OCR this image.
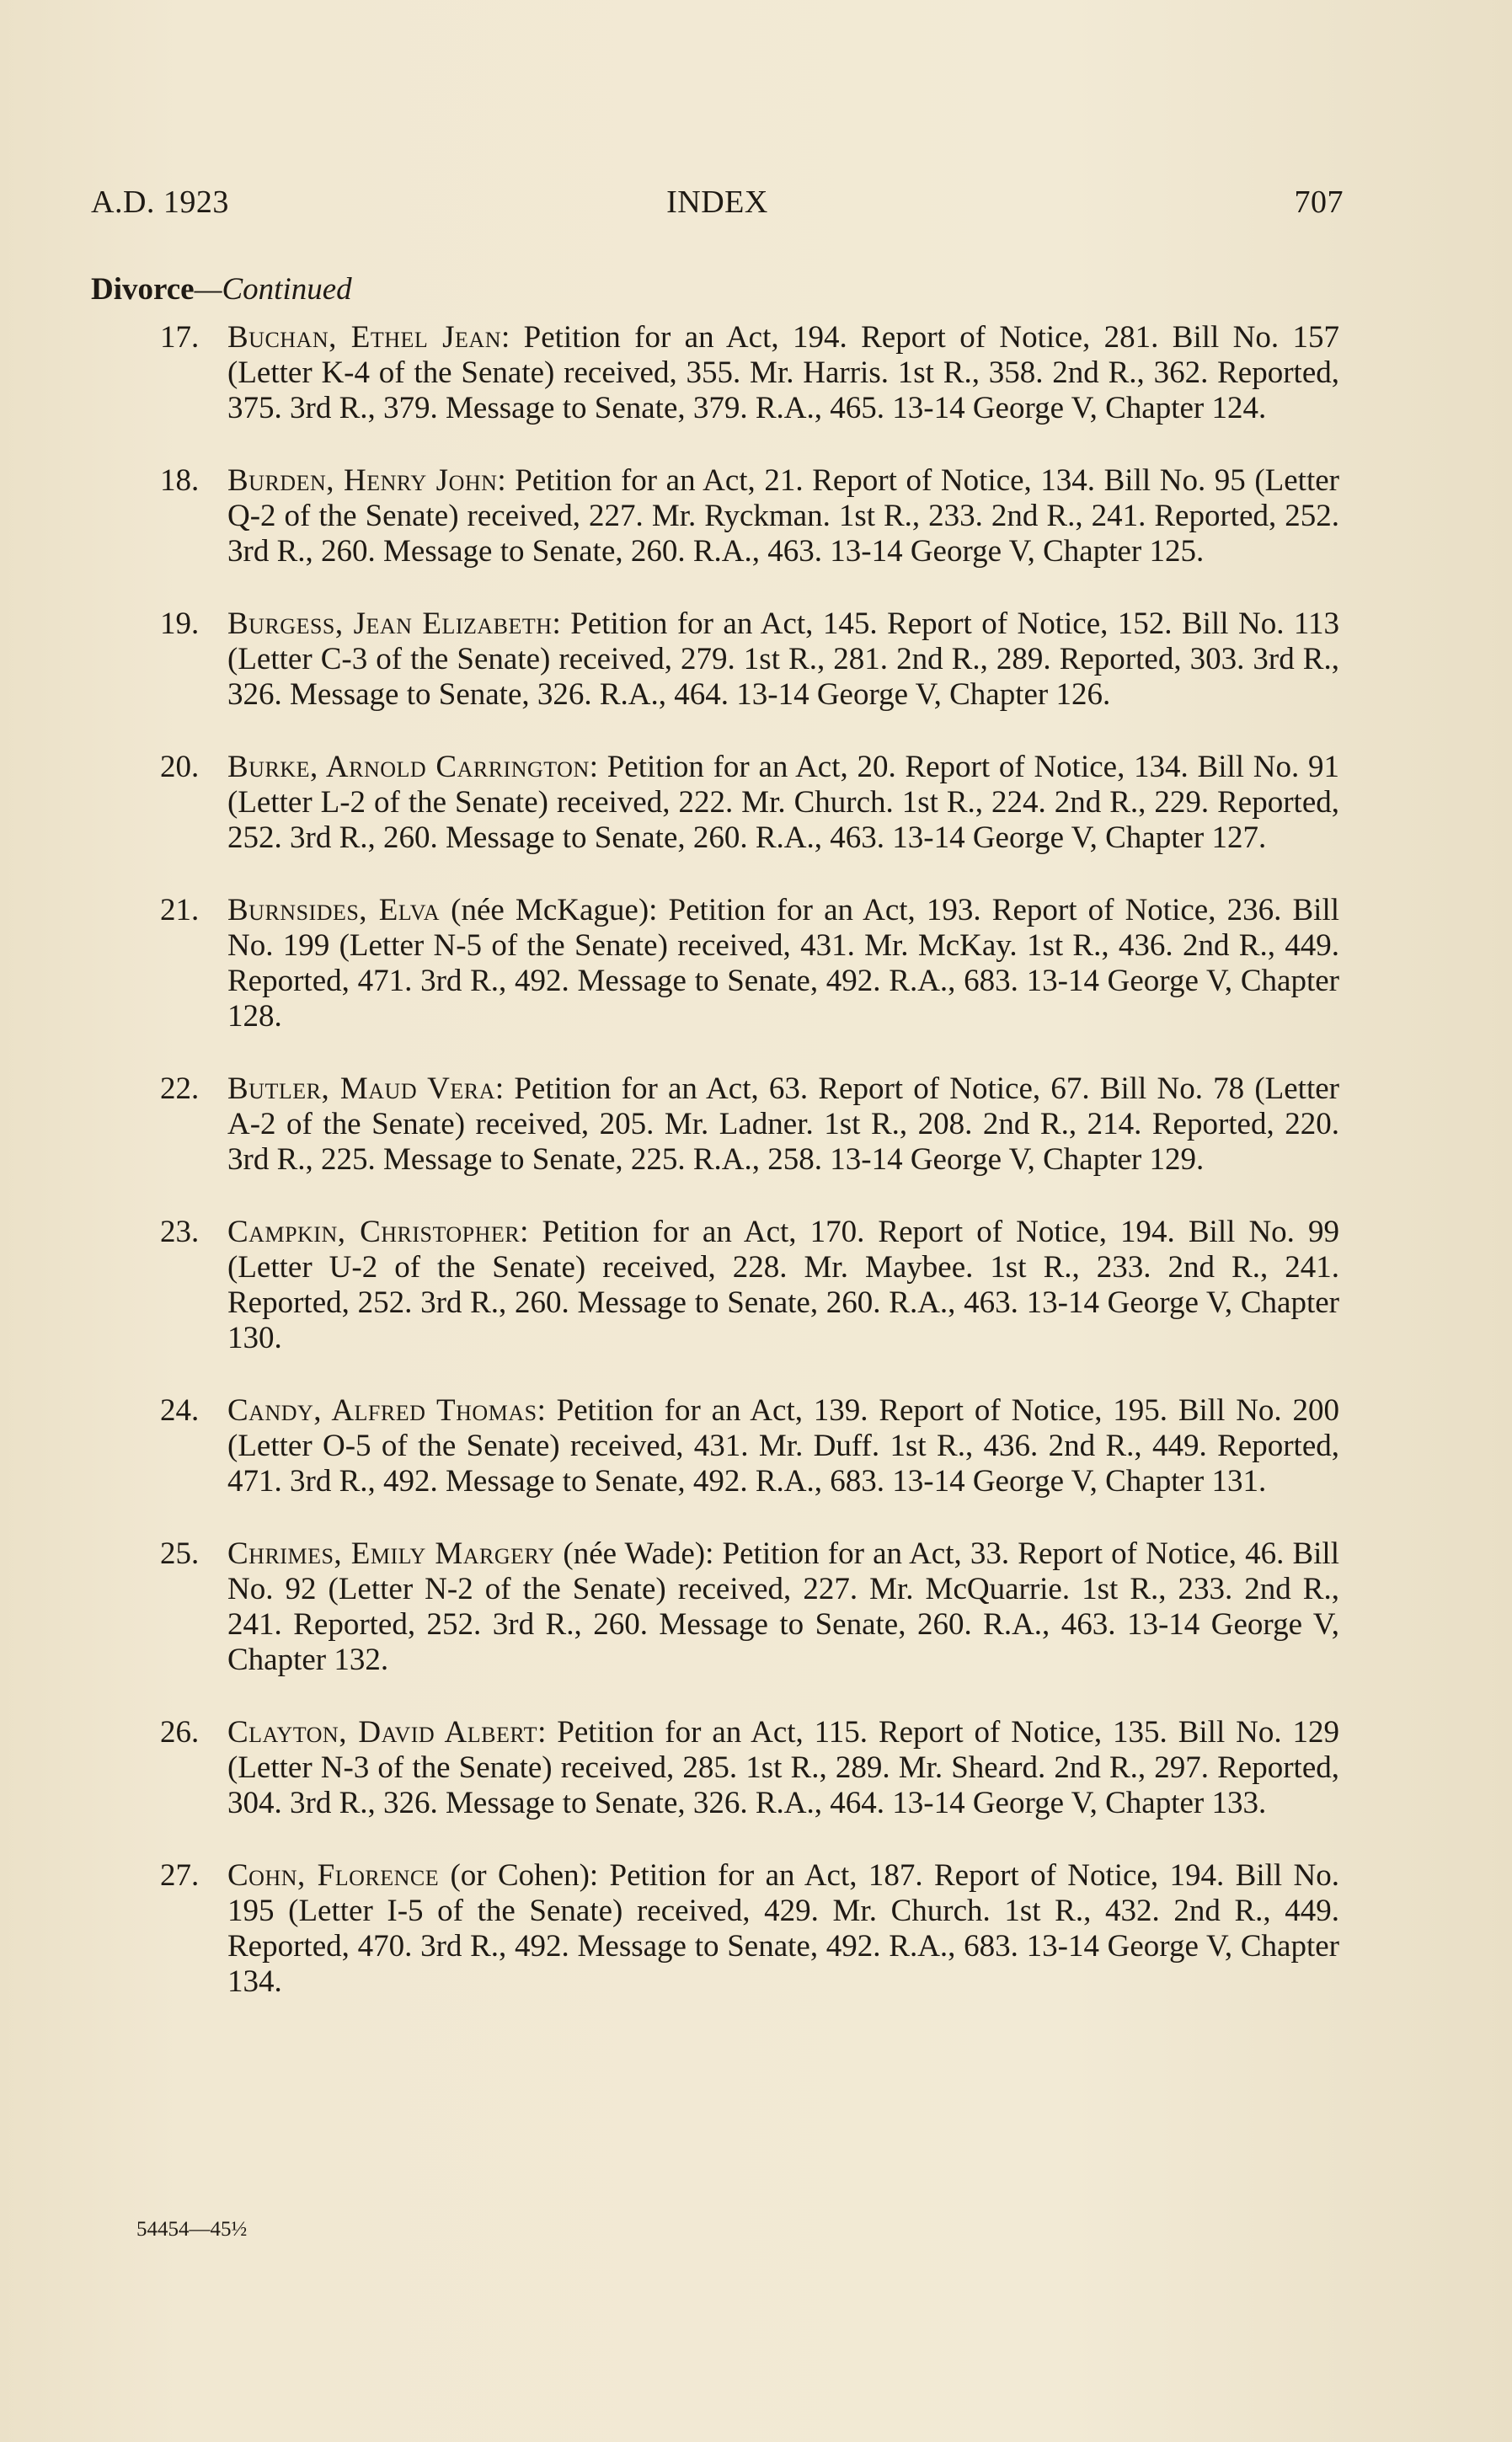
A.D. 1923	INDEX	707
Divorce—Continued
17. Buchan, Ethel Jean: Petition for an Act, 194. Report of Notice, 281. Bill No. 157 (Letter K-4 of the Senate) received, 355. Mr. Harris. 1st R., 358. 2nd R., 362. Reported, 375. 3rd R., 379. Message to Senate, 379. R.A., 465. 13-14 George V, Chapter 124.
18. Burden, Henry John: Petition for an Act, 21. Report of Notice, 134. Bill No. 95 (Letter Q-2 of the Senate) received, 227. Mr. Ryckman. 1st R., 233. 2nd R., 241. Reported, 252. 3rd R., 260. Message to Senate, 260. R.A., 463. 13-14 George V, Chapter 125.
19. Burgess, Jean Elizabeth: Petition for an Act, 145. Report of Notice, 152. Bill No. 113 (Letter C-3 of the Senate) received, 279. 1st R., 281. 2nd R., 289. Reported, 303. 3rd R., 326. Message to Senate, 326. R.A., 464. 13-14 George V, Chapter 126.
20. Burke, Arnold Carrington: Petition for an Act, 20. Report of Notice, 134. Bill No. 91 (Letter L-2 of the Senate) received, 222. Mr. Church. 1st R., 224. 2nd R., 229. Reported, 252. 3rd R., 260. Message to Senate, 260. R.A., 463. 13-14 George V, Chapter 127.
21. Burnsides, Elva (née McKague): Petition for an Act, 193. Report of Notice, 236. Bill No. 199 (Letter N-5 of the Senate) received, 431. Mr. McKay. 1st R., 436. 2nd R., 449. Reported, 471. 3rd R., 492. Message to Senate, 492. R.A., 683. 13-14 George V, Chapter 128.
22. Butler, Maud Vera: Petition for an Act, 63. Report of Notice, 67. Bill No. 78 (Letter A-2 of the Senate) received, 205. Mr. Ladner. 1st R., 208. 2nd R., 214. Reported, 220. 3rd R., 225. Message to Senate, 225. R.A., 258. 13-14 George V, Chapter 129.
23. Campkin, Christopher: Petition for an Act, 170. Report of Notice, 194. Bill No. 99 (Letter U-2 of the Senate) received, 228. Mr. Maybee. 1st R., 233. 2nd R., 241. Reported, 252. 3rd R., 260. Message to Senate, 260. R.A., 463. 13-14 George V, Chapter 130.
24. Candy, Alfred Thomas: Petition for an Act, 139. Report of Notice, 195. Bill No. 200 (Letter O-5 of the Senate) received, 431. Mr. Duff. 1st R., 436. 2nd R., 449. Reported, 471. 3rd R., 492. Message to Senate, 492. R.A., 683. 13-14 George V, Chapter 131.
25. Chrimes, Emily Margery (née Wade): Petition for an Act, 33. Report of Notice, 46. Bill No. 92 (Letter N-2 of the Senate) received, 227. Mr. McQuarrie. 1st R., 233. 2nd R., 241. Reported, 252. 3rd R., 260. Message to Senate, 260. R.A., 463. 13-14 George V, Chapter 132.
26. Clayton, David Albert: Petition for an Act, 115. Report of Notice, 135. Bill No. 129 (Letter N-3 of the Senate) received, 285. 1st R., 289. Mr. Sheard. 2nd R., 297. Reported, 304. 3rd R., 326. Message to Senate, 326. R.A., 464. 13-14 George V, Chapter 133.
27. Cohn, Florence (or Cohen): Petition for an Act, 187. Report of Notice, 194. Bill No. 195 (Letter I-5 of the Senate) received, 429. Mr. Church. 1st R., 432. 2nd R., 449. Reported, 470. 3rd R., 492. Message to Senate, 492. R.A., 683. 13-14 George V, Chapter 134.
54454—45½
